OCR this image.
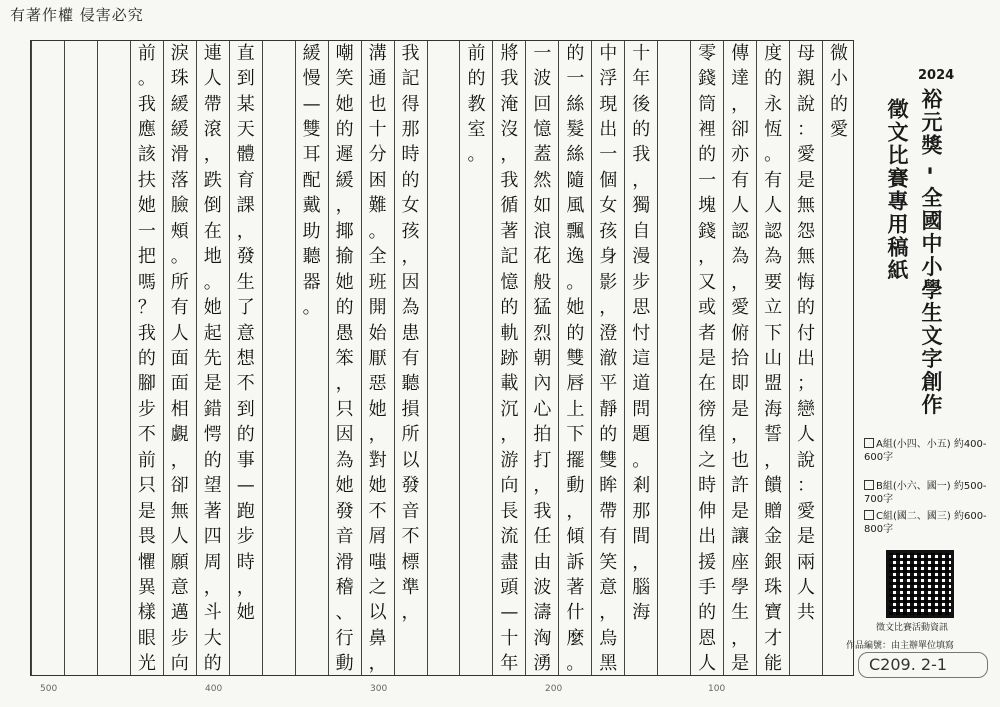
有著作權 侵害必究
微
小
的
愛
母
親
說
：
愛
是
無
怨
無
悔
的
付
出
；
戀
人
說
：
愛
是
兩
人
共
度
的
永
恆
。
有
人
認
為
要
立
下
山
盟
海
誓
，
饋
贈
金
銀
珠
寶
才
能
傳
達
，
卻
亦
有
人
認
為
，
愛
俯
拾
即
是
，
也
許
是
讓
座
學
生
，
是
零
錢
筒
裡
的
一
塊
錢
，
又
或
者
是
在
徬
徨
之
時
伸
出
援
手
的
恩
人
十
年
後
的
我
，
獨
自
漫
步
思
忖
這
道
問
題
。
剎
那
間
，
腦
海
中
浮
現
出
一
個
女
孩
身
影
，
澄
澈
平
靜
的
雙
眸
帶
有
笑
意
，
烏
黑
的
一
絲
髮
絲
隨
風
飄
逸
。
她
的
雙
唇
上
下
擺
動
，
傾
訴
著
什
麼
。
一
波
回
憶
蓋
然
如
浪
花
般
猛
烈
朝
內
心
拍
打
，
我
任
由
波
濤
洶
湧
將
我
淹
沒
，
我
循
著
記
憶
的
軌
跡
載
沉
，
游
向
長
流
盡
頭
—
十
年
前
的
教
室
。
我
記
得
那
時
的
女
孩
，
因
為
患
有
聽
損
所
以
發
音
不
標
準
，
溝
通
也
十
分
困
難
。
全
班
開
始
厭
惡
她
，
對
她
不
屑
嗤
之
以
鼻
，
嘲
笑
她
的
遲
緩
，
揶
揄
她
的
愚
笨
，
只
因
為
她
發
音
滑
稽
、
行
動
緩
慢
—
雙
耳
配
戴
助
聽
器
。
直
到
某
天
體
育
課
，
發
生
了
意
想
不
到
的
事
—
跑
步
時
，
她
連
人
帶
滾
，
跌
倒
在
地
。
她
起
先
是
錯
愕
的
望
著
四
周
，
斗
大
的
淚
珠
緩
緩
滑
落
臉
頰
。
所
有
人
面
面
相
覷
，
卻
無
人
願
意
邁
步
向
前
。
我
應
該
扶
她
一
把
嗎
？
我
的
腳
步
不
前
只
是
畏
懼
異
樣
眼
光
500	400	300	200	100
2024
裕元獎 - 全國中小學生文字創作
徵文比賽專用稿紙
A組(小四、小五) 約400-600字
B組(小六、國一) 約500-700字
C組(國二、國三) 約600-800字
徵文比賽活動資訊
作品編號：由主辦單位填寫
C209. 2-1
